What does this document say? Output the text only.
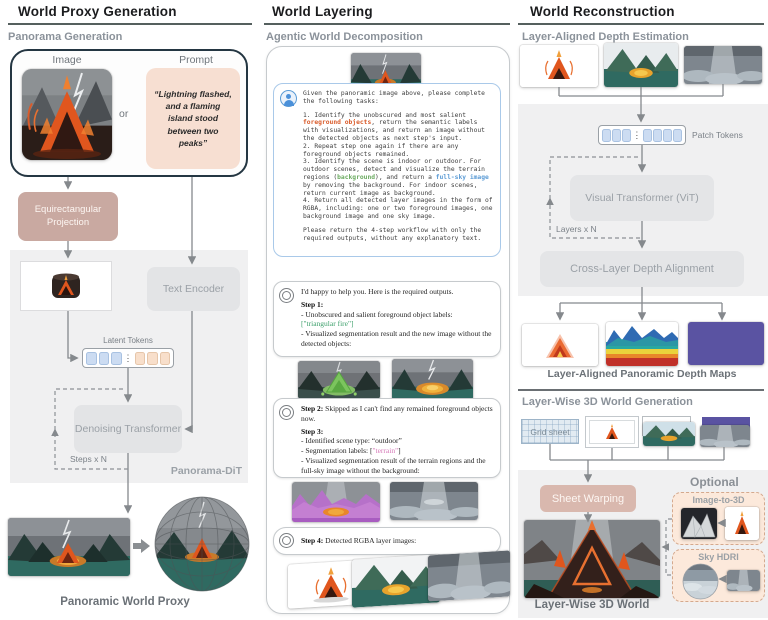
World Proxy Generation
Panorama Generation
Image
or
Prompt
“Lightning flashed, and a flaming island stood between two peaks”
Equirectangular Projection
Text Encoder
Latent Tokens
⋮
Denoising Transformer
Steps x N
Panorama-DiT
Panoramic World Proxy
World Layering
Agentic World Decomposition

Given the panoramic image above, please complete the following tasks:

1. Identify the unobscured and most salient foreground objects, return the semantic labels with visualizations, and return an image without the detected objects as next step's input.
2. Repeat step one again if there are any foreground objects remained.
3. Identify the scene is indoor or outdoor. For outdoor scenes, detect and visualize the terrain regions (background), and return a full-sky image by removing the background. For indoor scenes, return current image as background.
4. Return all detected layer images in the form of RGBA, including: one or two foreground images, one background image and one sky image.

Please return the 4-step workflow with only the required outputs, without any explanatory text.

I'd happy to help you. Here is the required outputs.
Step 1:
- Unobscured and salient foreground object labels:
["triangular fire"]
- Visualized segmentation result and the new image without the detected objects:
Step 2: Skipped as I can't find any remained foreground objects now.
Step 3:
- Identified scene type: “outdoor”
- Segmentation labels: ["terrain"]
- Visualized segmentation result of the terrain regions and the full-sky image without the background:
Step 4: Detected RGBA layer images:
World Reconstruction
Layer-Aligned Depth Estimation
⋮	Patch Tokens
Visual Transformer (ViT)
Layers x N
Cross-Layer Depth Alignment
Layer-Aligned Panoramic Depth Maps
Layer-Wise 3D World Generation
Grid sheet
Sheet Warping
Layer-Wise 3D World
Optional
Image-to-3D
Sky HDRI
